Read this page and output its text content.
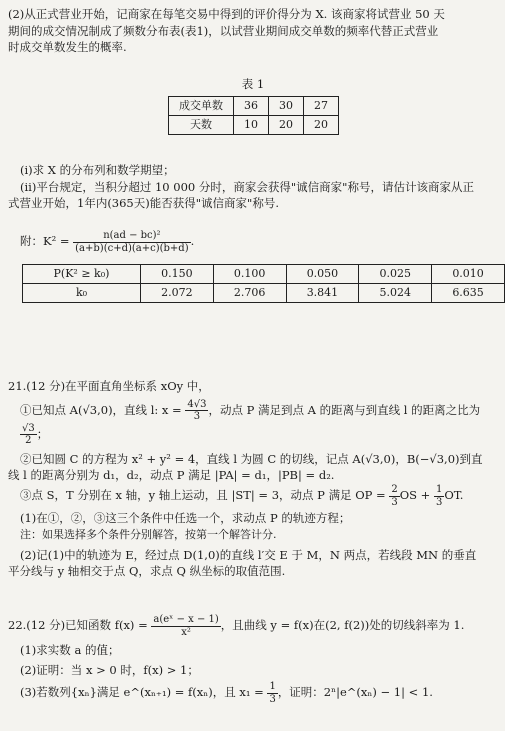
(2)从正式营业开始，记商家在每笔交易中得到的评价得分为 X. 该商家将试营业 50 天

期间的成交情况制成了频数分布表(表1)，以试营业期间成交单数的频率代替正式营业

时成交单数发生的概率.

表 1
成交单数	36	30	27
天数	10	20	20

(ⅰ)求 X 的分布列和数学期望；

(ⅱ)平台规定，当积分超过 10 000 分时，商家会获得"诚信商家"称号，请估计该商家从正

式营业开始，1年内(365天)能否获得"诚信商家"称号.

附：$K^2 = \frac{\text{n(ad − bc)²}}{(a+b)(c+d)(a+c)(b+d)}$ .
P(K² ≥ k₀)	0.150	0.100	0.050	0.025	0.010
k₀	2.072	2.706	3.841	5.024	6.635

21.(12 分)在平面直角坐标系 xOy 中，

①已知点 A(√3,0)，直线 l: $x = \frac{4√3}{3}$ ，动点 P 满足到点 A 的距离与到直线 l 的距离之比为
$\frac{√3}{2}$ ；

②已知圆 C 的方程为 x² + y² = 4，直线 l 为圆 C 的切线，记点 A(√3,0)，B(−√3,0)到直

线 l 的距离分别为 d₁，d₂，动点 P 满足 |PA| = d₁，|PB| = d₂.

③点 S，T 分别在 x 轴，y 轴上运动，且 |ST| = 3，动点 P 满足 OP = $\frac{2}{3}$ OS + $\frac{1}{3}$ OT.

(1)在①，②，③这三个条件中任选一个，求动点 P 的轨迹方程；

注：如果选择多个条件分别解答，按第一个解答计分.

(2)记(1)中的轨迹为 E，经过点 D(1,0)的直线 l′交 E 于 M，N 两点，若线段 MN 的垂直

平分线与 y 轴相交于点 Q，求点 Q 纵坐标的取值范围.

22.(12 分)已知函数 $f(x) = \frac{\text{a(eˣ − x − 1)}}{\text{x²}}$ ，且曲线 y = f(x)在(2, f(2))处的切线斜率为 1.

(1)求实数 a 的值；

(2)证明：当 x > 0 时，f(x) > 1；

(3)若数列{xₙ}满足 e^(xₙ₊₁) = f(xₙ)，且 $x_1 = \frac{1}{3}$ ，证明：2ⁿ|e^(xₙ) − 1| < 1.
